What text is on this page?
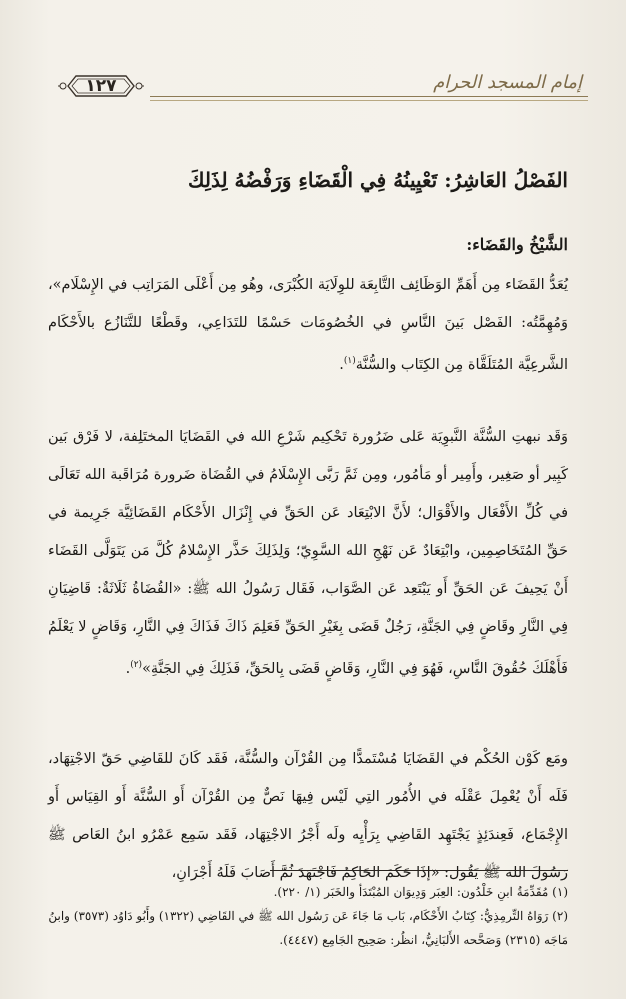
١٢٧	إمام المسجد الحرام
الفَصْلُ العَاشِرُ: تَعْيِينُهُ فِي الْقَضَاءِ وَرَفْضُهُ لِذَلِكَ
الشَّيْخُ والقَضَاء:
يُعَدُّ القَضَاء مِن أَهَمِّ الوَظَائِف التَّابِعَة للوِلَايَة الكُبْرَى، وهُو مِن أَعْلَى المَرَاتِب في الإِسْلَام»، وَمُهِمَّتُه: الفَصْل بَينَ النَّاسِ في الخُصُومَات حَسْمًا للتَدَاعِي، وقَطْعًا للتَّنَازُع بالأَحْكَام الشَّرعِيَّة المُتَلَقَّاة مِن الكِتَاب والسُّنَّة$^{(١)}$.
وَقَد نبهتِ السُّنَّة النَّبوِيَة عَلى ضَرُورة تَحْكِيم شَرْعِ الله في القَضَايَا المختَلِفة، لا فَرْق بَين كَبِير أو صَغِير، وأَمِير أو مَأمُور، ومِن ثَمَّ رَبَّى الإِسْلَامُ في القُضَاة ضَرورة مُرَاقَبة الله تَعَالَى في كُلِّ الأَفْعَال والأَقْوَال؛ لأَنَّ الابْتِعَاد عَن الحَقِّ في إِنْزَال الأَحْكَام القَضَائِيَّة جَرِيمة في حَقِّ المُتَخَاصِمِين، وابْتِعَادٌ عَن نَهْجِ الله السَّوِيّ؛ وَلِذَلِكَ حَذَّر الإِسْلامُ كُلَّ مَن يَتَوَلَّى القَضَاء أَنْ يَحِيفَ عَن الحَقِّ أَو يَبْتَعِد عَن الصَّوَاب، فَقَال رَسُولُ الله ﷺ: «القُضَاةُ ثَلَاثَةٌ: قَاضِيَانِ فِي النَّارِ وقَاضٍ فِي الجَنَّةِ، رَجُلٌ قَضَى بِغَيْرِ الحَقِّ فَعَلِمَ ذَاكَ فَذَاكَ فِي النَّارِ، وَقَاضٍ لا يَعْلَمُ فَأَهْلَكَ حُقُوقَ النَّاسِ، فَهُوَ فِي النَّارِ، وَقَاضٍ قَضَى بِالحَقِّ، فَذَلِكَ فِي الجَنَّةِ»$^{(٢)}$.
ومَع كَوْن الحُكْم في القَضَايَا مُسْتَمدًّا مِن القُرْآن والسُّنَّة، فَقَد كَانَ للقَاضِي حَقّ الاجْتِهَاد، فَلَه أَنْ يُعْمِلَ عَقْلَه في الأُمُور التِي لَيْس فِيهَا نَصٌّ مِن القُرْآن أَو السُّنَّة أَو القِيَاس أَو الإِجْمَاع، فَعِندَئِذٍ يَجْتَهِد القَاضِي بِرَأْيِه ولَه أَجْرُ الاجْتِهَاد، فَقَد سَمِع عَمْرُو ابنُ العَاص ﷺ رَسُولَ الله ﷺ يَقُول: «إذَا حَكَمَ الحَاكِمُ فَاجْتَهَدَ ثُمَّ أَصَابَ فَلَهُ أَجْرَانِ،
(١) مُقَدِّمَةُ ابنِ خَلْدُون: العِبَر وَدِيوَان المُبْتَدَأ والخَبَر (١/ ٢٢٠).
(٢) رَوَاهُ التِّرمِذِيُّ: كِتَابُ الأَحْكَام، بَاب مَا جَاءَ عَن رَسُول الله ﷺ في القَاضِي (١٣٢٢) وأَبُو دَاوُد (٣٥٧٣) وابنُ مَاجَه (٢٣١٥) وَصَحَّحه الأَلبَانِيُّ، انظُر: صَحِيح الجَامِع (٤٤٤٧).
